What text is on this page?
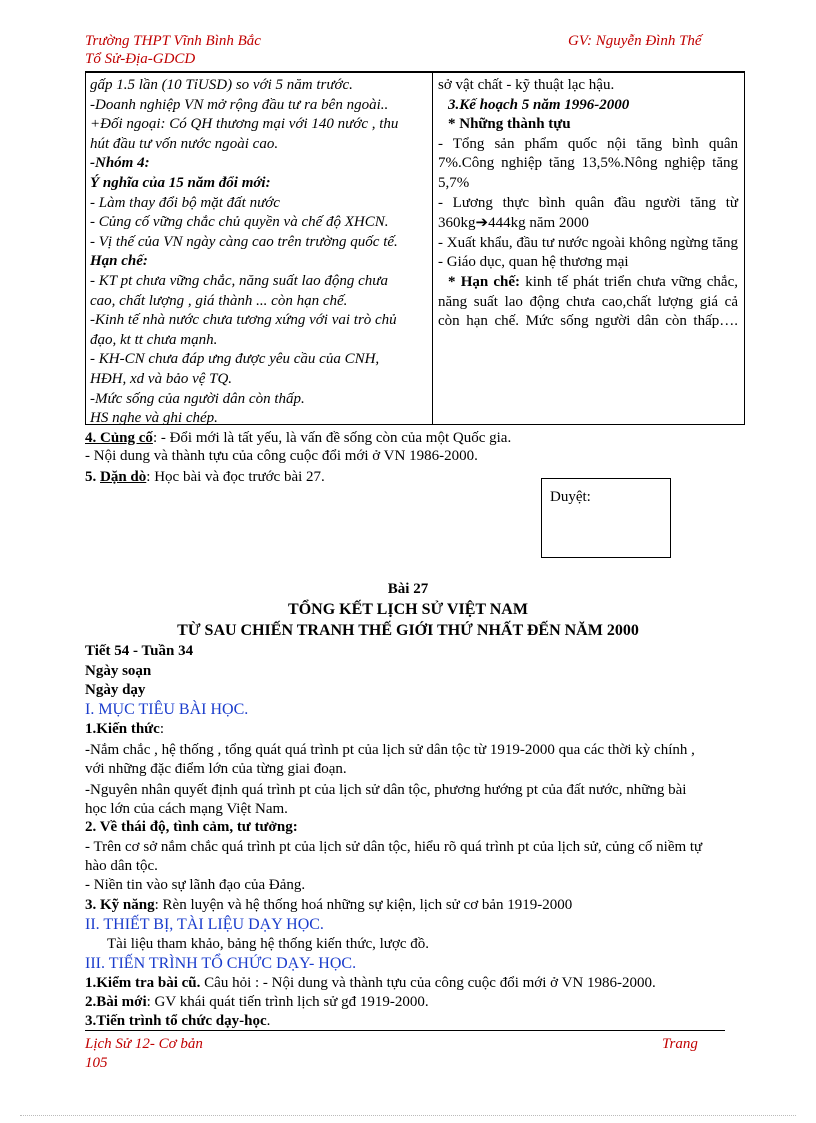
Trường THPT Vĩnh Bình Bắc
Tổ Sử-Địa-GDCD
GV: Nguyễn Đình Thế
gấp 1.5 lần (10 TỉUSD) so với 5 năm trước.
-Doanh nghiệp VN mở rộng đầu tư ra bên ngoài..
+Đối ngoại: Có QH thương mại với 140 nước , thu
hút đầu tư vốn nước ngoài cao.
-Nhóm 4:
Ý nghĩa của 15 năm đổi mới:
- Làm thay đổi bộ mặt đất nước
- Củng cố vững chắc chủ quyền và chế độ XHCN.
- Vị thế của VN ngày càng cao trên trường quốc tế.
Hạn chế:
- KT pt chưa vững chắc, năng suất lao động chưa
cao, chất lượng , giá thành ... còn hạn chế.
-Kinh tế nhà nước chưa tương xứng với vai trò chủ
đạo, kt tt chưa mạnh.
- KH-CN chưa đáp ưng được yêu cầu của CNH,
HĐH, xd và bảo vệ TQ.
-Mức sống của người dân còn thấp.
HS nghe và ghi chép.
sở vật chất - kỹ thuật lạc hậu.
3.Kế hoạch 5 năm 1996-2000
* Những thành tựu
- Tổng sản phẩm quốc nội tăng bình quân 7%.Công nghiệp tăng 13,5%.Nông nghiệp tăng 5,7%
- Lương thực bình quân đầu người tăng từ
360kg➔444kg năm 2000
- Xuất khẩu, đầu tư nước ngoài không ngừng tăng
- Giáo dục, quan hệ thương mại
* Hạn chế: kinh tế phát triển chưa vững chắc, năng suất lao động chưa cao,chất lượng giá cả còn hạn chế. Mức sống người dân còn thấp….
4. Củng cố: - Đổi mới là tất yếu, là vấn đề sống còn của một Quốc gia.
- Nội dung và thành tựu của công cuộc đổi mới ở VN 1986-2000.
5. Dặn dò: Học bài và đọc trước bài 27.
Duyệt:
Bài 27
TỔNG KẾT LỊCH SỬ VIỆT NAM
TỪ SAU CHIẾN TRANH THẾ GIỚI THỨ NHẤT ĐẾN NĂM 2000
Tiết 54 - Tuần 34
Ngày soạn
Ngày dạy
I. MỤC TIÊU BÀI HỌC.
1.Kiến thức:
-Nắm chắc , hệ thống , tổng quát quá trình pt của lịch sử dân tộc từ 1919-2000 qua các thời kỳ chính ,
với những đặc điểm lớn của từng giai đoạn.
-Nguyên nhân quyết định quá trình pt của lịch sử dân tộc, phương hướng pt của đất nước, những bài
học lớn của cách mạng Việt Nam.
2. Về thái độ, tình cảm, tư tưởng:
- Trên cơ sở nắm chắc quá trình pt của lịch sử dân tộc, hiểu rõ quá trình pt của lịch sử, củng cố niềm tự
hào dân tộc.
- Niền tin vào sự lãnh đạo của Đảng.
3. Kỹ năng: Rèn luyện và hệ thống hoá những sự kiện, lịch sử cơ bản 1919-2000
II. THIẾT BỊ, TÀI LIỆU DẠY HỌC.
Tài liệu tham khảo, bảng hệ thống kiến thức, lược đồ.
III. TIẾN TRÌNH TỔ CHỨC DẠY- HỌC.
1.Kiểm tra bài cũ. Câu hỏi : - Nội dung và thành tựu của công cuộc đổi mới ở VN 1986-2000.
2.Bài mới: GV khái quát tiến trình lịch sử gđ 1919-2000.
3.Tiến trình tổ chức dạy-học.
Lịch Sử 12- Cơ bản
105
Trang
